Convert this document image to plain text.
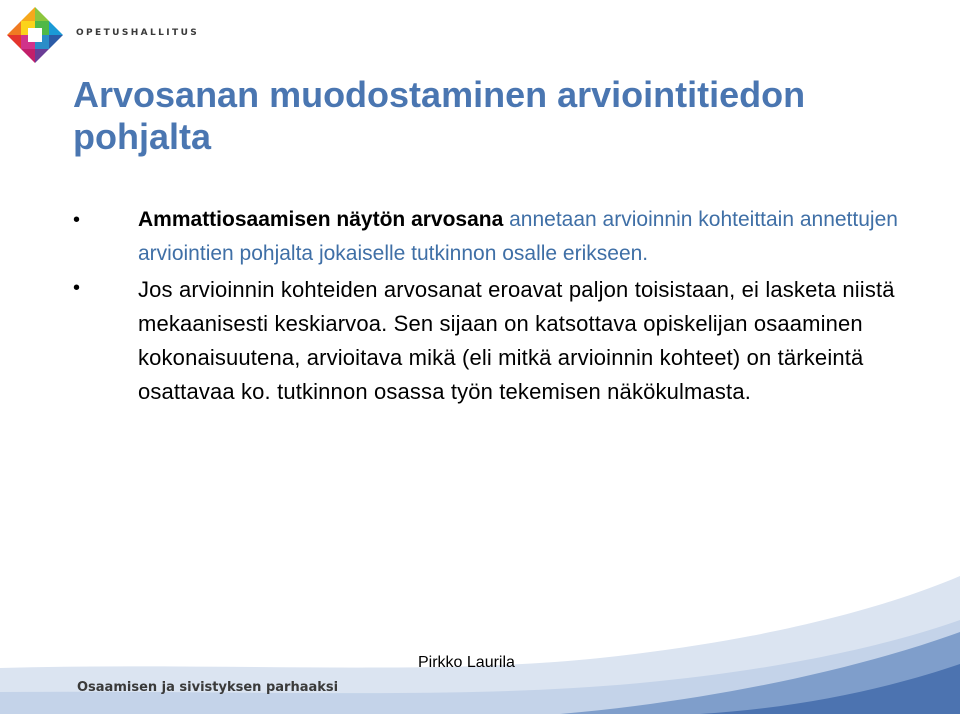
OPETUSHALLITUS
Arvosanan muodostaminen arviointitiedon pohjalta
•	Ammattiosaamisen näytön arvosana annetaan arvioinnin kohteittain annettujen arviointien pohjalta jokaiselle tutkinnon osalle erikseen.
•	Jos arvioinnin kohteiden arvosanat eroavat paljon toisistaan, ei lasketa niistä mekaanisesti keskiarvoa. Sen sijaan on katsottava opiskelijan osaaminen kokonaisuutena, arvioitava mikä (eli mitkä arvioinnin kohteet) on tärkeintä osattavaa ko. tutkinnon osassa työn tekemisen näkökulmasta.
Pirkko Laurila
Osaamisen ja sivistyksen parhaaksi
